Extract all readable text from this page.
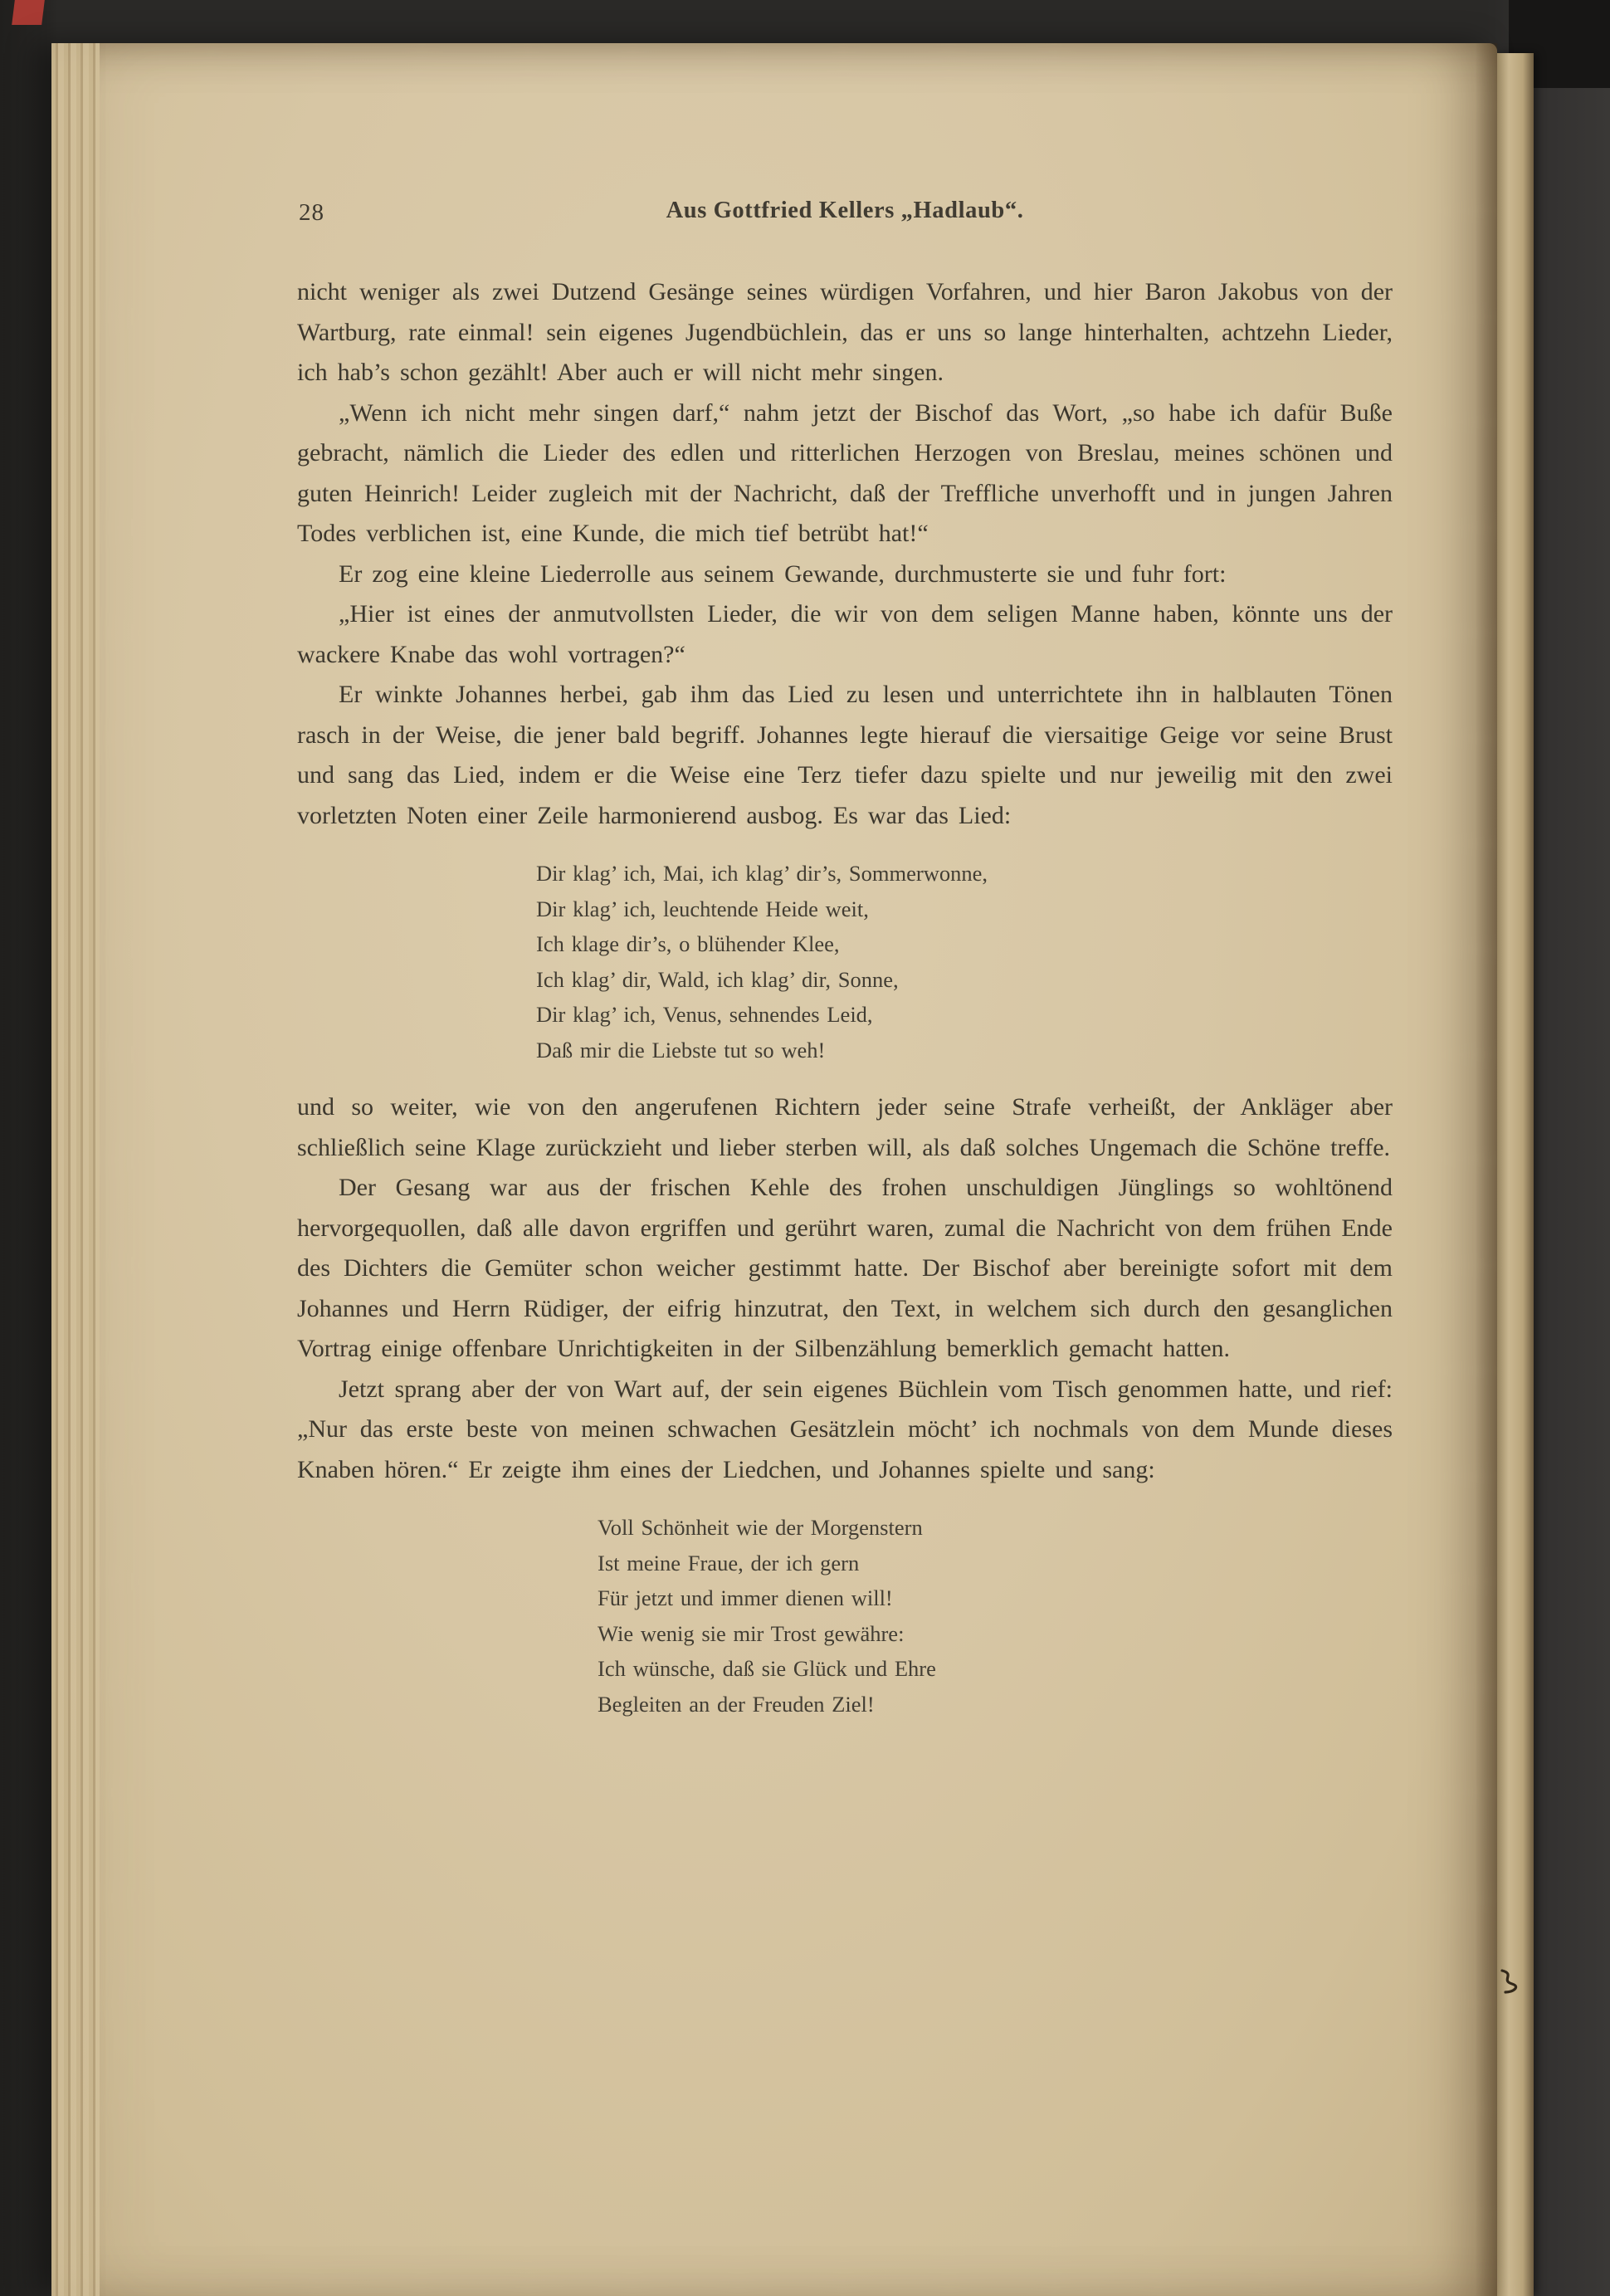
28	Aus Gottfried Kellers „Hadlaub“.

nicht weniger als zwei Dutzend Gesänge seines würdigen Vorfahren, und hier Baron Jakobus von der Wartburg, rate einmal! sein eigenes Jugendbüchlein, das er uns so lange hinterhalten, achtzehn Lieder, ich hab’s schon gezählt! Aber auch er will nicht mehr singen.

„Wenn ich nicht mehr singen darf,“ nahm jetzt der Bischof das Wort, „so habe ich dafür Buße gebracht, nämlich die Lieder des edlen und ritterlichen Herzogen von Breslau, meines schönen und guten Heinrich! Leider zugleich mit der Nachricht, daß der Treffliche unverhofft und in jungen Jahren Todes verblichen ist, eine Kunde, die mich tief betrübt hat!“

Er zog eine kleine Liederrolle aus seinem Gewande, durchmusterte sie und fuhr fort:

„Hier ist eines der anmutvollsten Lieder, die wir von dem seligen Manne haben, könnte uns der wackere Knabe das wohl vortragen?“

Er winkte Johannes herbei, gab ihm das Lied zu lesen und unterrichtete ihn in halblauten Tönen rasch in der Weise, die jener bald begriff. Johannes legte hierauf die viersaitige Geige vor seine Brust und sang das Lied, indem er die Weise eine Terz tiefer dazu spielte und nur jeweilig mit den zwei vorletzten Noten einer Zeile harmonierend ausbog. Es war das Lied:

Dir klag’ ich, Mai, ich klag’ dir’s, Sommerwonne,
Dir klag’ ich, leuchtende Heide weit,
Ich klage dir’s, o blühender Klee,
Ich klag’ dir, Wald, ich klag’ dir, Sonne,
Dir klag’ ich, Venus, sehnendes Leid,
Daß mir die Liebste tut so weh!

und so weiter, wie von den angerufenen Richtern jeder seine Strafe verheißt, der Ankläger aber schließlich seine Klage zurückzieht und lieber sterben will, als daß solches Ungemach die Schöne treffe.

Der Gesang war aus der frischen Kehle des frohen unschuldigen Jünglings so wohltönend hervorgequollen, daß alle davon ergriffen und gerührt waren, zumal die Nachricht von dem frühen Ende des Dichters die Gemüter schon weicher gestimmt hatte. Der Bischof aber bereinigte sofort mit dem Johannes und Herrn Rüdiger, der eifrig hinzutrat, den Text, in welchem sich durch den gesanglichen Vortrag einige offenbare Unrichtigkeiten in der Silbenzählung bemerklich gemacht hatten.

Jetzt sprang aber der von Wart auf, der sein eigenes Büchlein vom Tisch genommen hatte, und rief: „Nur das erste beste von meinen schwachen Gesätzlein möcht’ ich nochmals von dem Munde dieses Knaben hören.“ Er zeigte ihm eines der Liedchen, und Johannes spielte und sang:

Voll Schönheit wie der Morgenstern
Ist meine Fraue, der ich gern
Für jetzt und immer dienen will!
Wie wenig sie mir Trost gewähre:
Ich wünsche, daß sie Glück und Ehre
Begleiten an der Freuden Ziel!
